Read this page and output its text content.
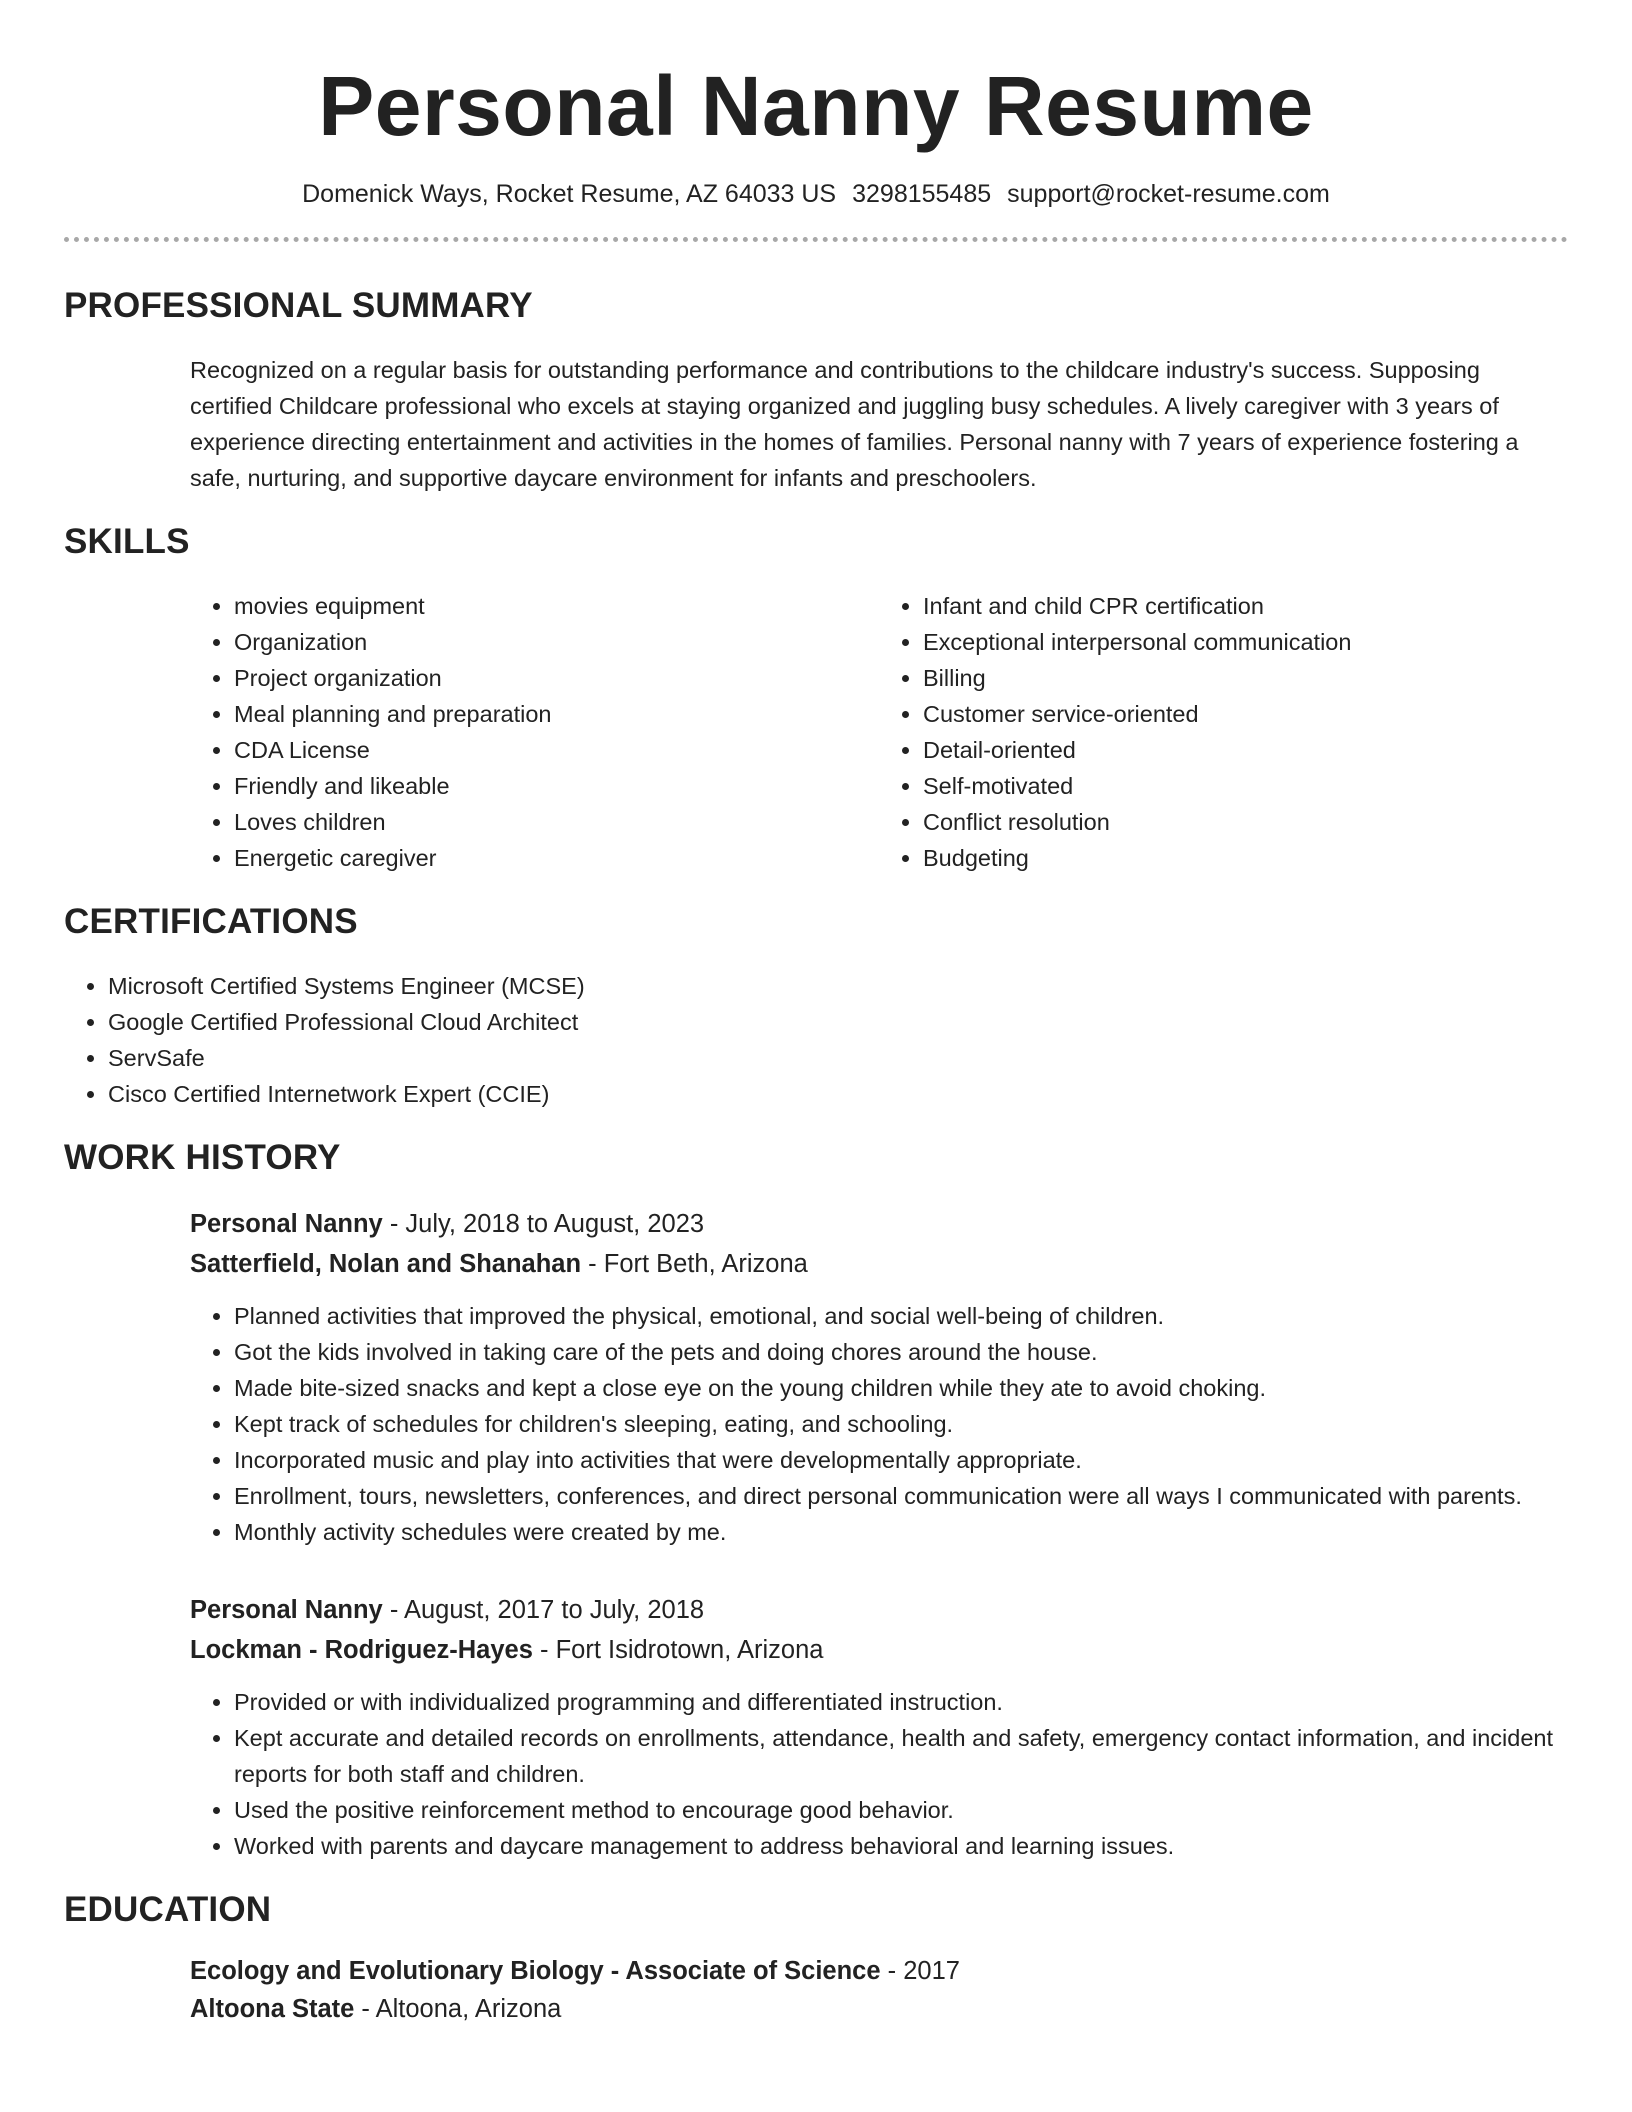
Personal Nanny Resume
Domenick Ways, Rocket Resume, AZ 64033 US 3298155485 support@rocket-resume.com
PROFESSIONAL SUMMARY
Recognized on a regular basis for outstanding performance and contributions to the childcare industry's success. Supposing certified Childcare professional who excels at staying organized and juggling busy schedules. A lively caregiver with 3 years of experience directing entertainment and activities in the homes of families. Personal nanny with 7 years of experience fostering a safe, nurturing, and supportive daycare environment for infants and preschoolers.
SKILLS
• movies equipment
• Organization
• Project organization
• Meal planning and preparation
• CDA License
• Friendly and likeable
• Loves children
• Energetic caregiver
• Infant and child CPR certification
• Exceptional interpersonal communication
• Billing
• Customer service-oriented
• Detail-oriented
• Self-motivated
• Conflict resolution
• Budgeting
CERTIFICATIONS
• Microsoft Certified Systems Engineer (MCSE)
• Google Certified Professional Cloud Architect
• ServSafe
• Cisco Certified Internetwork Expert (CCIE)
WORK HISTORY
Personal Nanny - July, 2018 to August, 2023
Satterfield, Nolan and Shanahan - Fort Beth, Arizona
• Planned activities that improved the physical, emotional, and social well-being of children.
• Got the kids involved in taking care of the pets and doing chores around the house.
• Made bite-sized snacks and kept a close eye on the young children while they ate to avoid choking.
• Kept track of schedules for children's sleeping, eating, and schooling.
• Incorporated music and play into activities that were developmentally appropriate.
• Enrollment, tours, newsletters, conferences, and direct personal communication were all ways I communicated with parents.
• Monthly activity schedules were created by me.
Personal Nanny - August, 2017 to July, 2018
Lockman - Rodriguez-Hayes - Fort Isidrotown, Arizona
• Provided or with individualized programming and differentiated instruction.
• Kept accurate and detailed records on enrollments, attendance, health and safety, emergency contact information, and incident reports for both staff and children.
• Used the positive reinforcement method to encourage good behavior.
• Worked with parents and daycare management to address behavioral and learning issues.
EDUCATION
Ecology and Evolutionary Biology - Associate of Science - 2017
Altoona State - Altoona, Arizona
